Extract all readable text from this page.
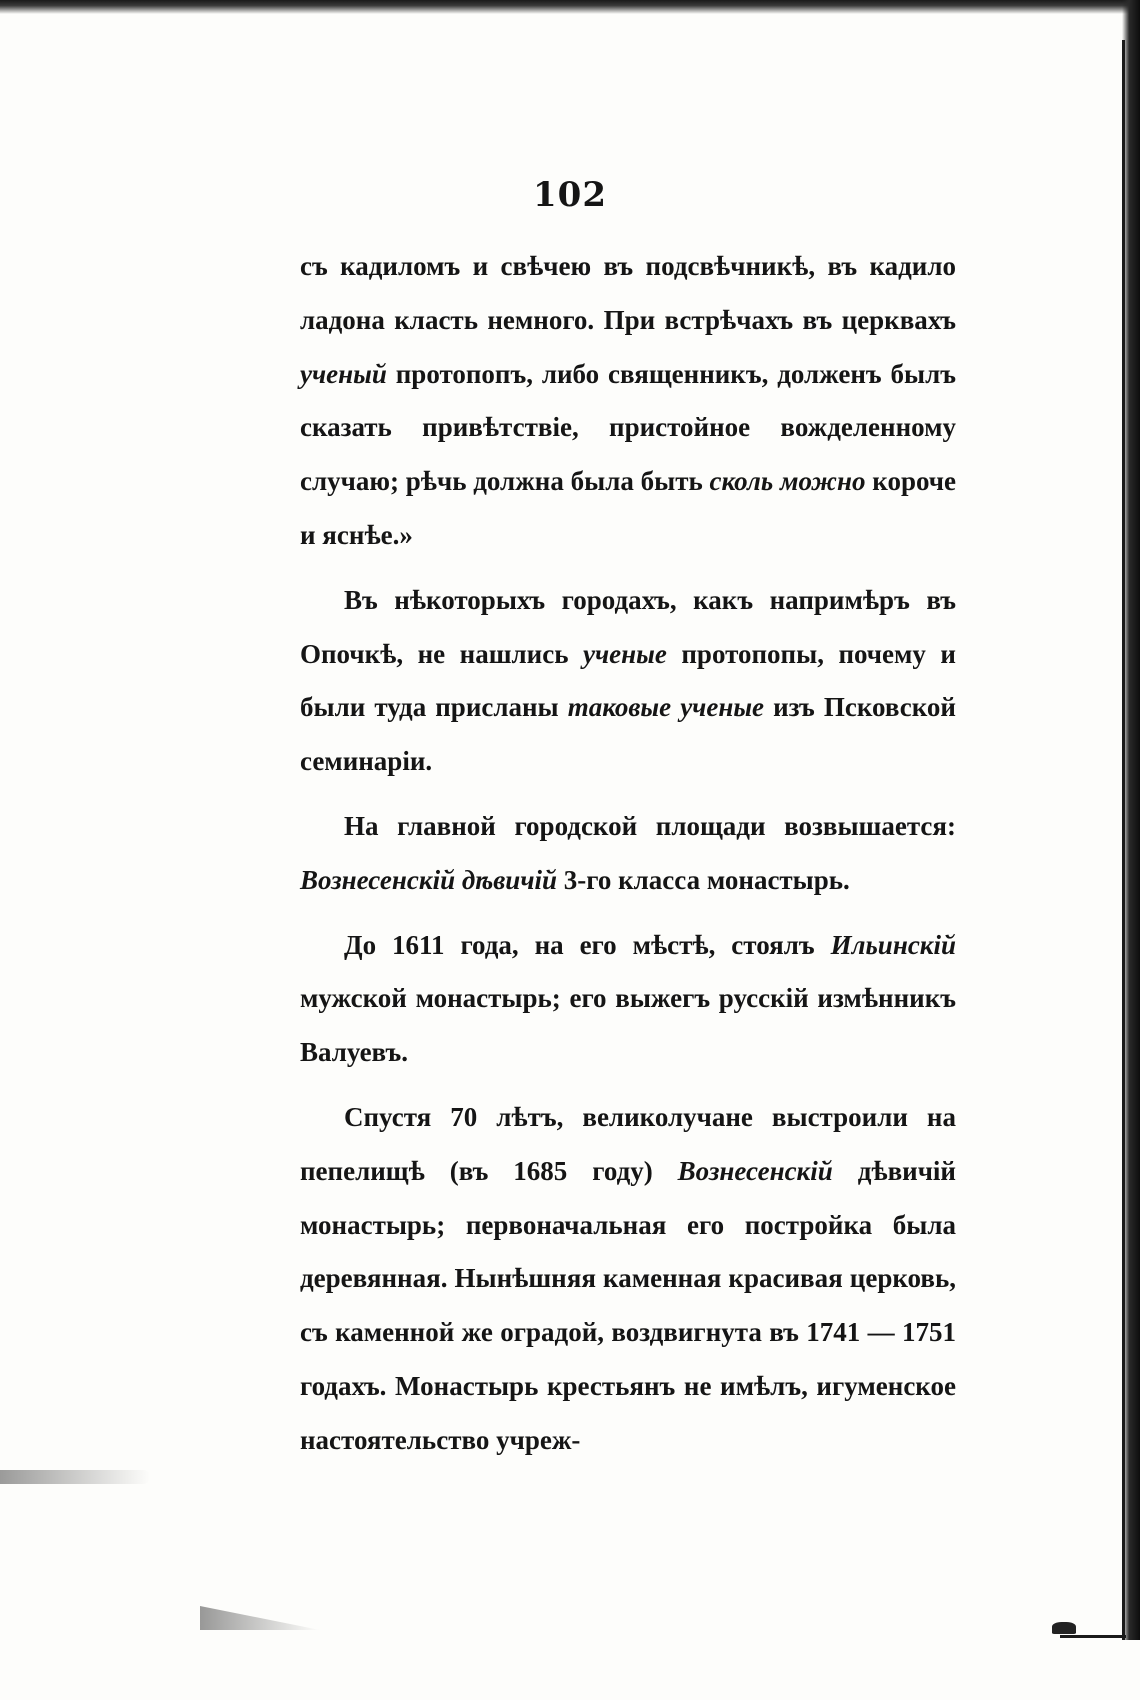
102

съ кадиломъ и свѣчею въ подсвѣчникѣ, въ кадило ладона класть немного. При встрѣчахъ въ церквахъ ученый протопопъ, либо священникъ, долженъ былъ сказать привѣтствіе, пристойное вожделенному случаю; рѣчь должна была быть сколь можно короче и яснѣе.»

Въ нѣкоторыхъ городахъ, какъ напримѣръ въ Опочкѣ, не нашлись ученые протопопы, почему и были туда присланы таковые ученые изъ Псковской семинаріи.

На главной городской площади возвышается: Вознесенскій дѣвичій 3-го класса монастырь.

До 1611 года, на его мѣстѣ, стоялъ Ильинскій мужской монастырь; его выжегъ русскій измѣнникъ Валуевъ.

Спустя 70 лѣтъ, великолучане выстроили на пепелищѣ (въ 1685 году) Вознесенскій дѣвичій монастырь; первоначальная его постройка была деревянная. Нынѣшняя каменная красивая церковь, съ каменной же оградой, воздвигнута въ 1741 — 1751 годахъ. Монастырь крестьянъ не имѣлъ, игуменское настоятельство учреж-
